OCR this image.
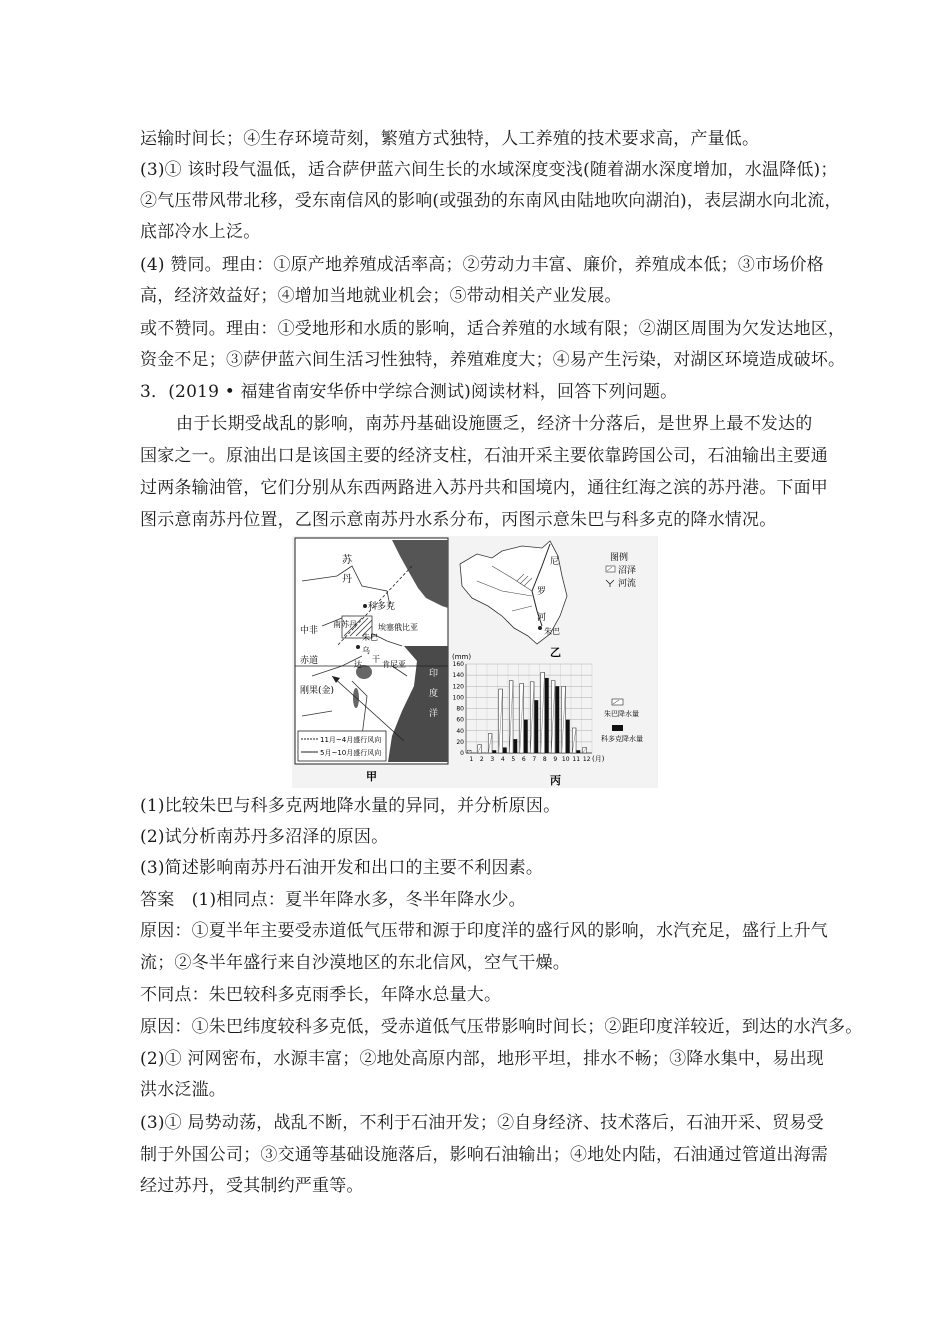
运输时间长；④生存环境苛刻，繁殖方式独特，人工养殖的技术要求高，产量低。
(3)① 该时段气温低，适合萨伊蓝六间生长的水域深度变浅(随着湖水深度增加，水温降低)；
②气压带风带北移，受东南信风的影响(或强劲的东南风由陆地吹向湖泊)，表层湖水向北流，
底部冷水上泛。
(4) 赞同。理由：①原产地养殖成活率高；②劳动力丰富、廉价，养殖成本低；③市场价格
高，经济效益好；④增加当地就业机会；⑤带动相关产业发展。
或不赞同。理由：①受地形和水质的影响，适合养殖的水域有限；②湖区周围为欠发达地区，
资金不足；③萨伊蓝六间生活习性独特，养殖难度大；④易产生污染，对湖区环境造成破坏。
3．(2019 • 福建省南安华侨中学综合测试)阅读材料，回答下列问题。
由于长期受战乱的影响，南苏丹基础设施匮乏，经济十分落后，是世界上最不发达的
国家之一。原油出口是该国主要的经济支柱，石油开采主要依靠跨国公司，石油输出主要通
过两条输油管，它们分别从东西两路进入苏丹共和国境内，通往红海之滨的苏丹港。下面甲
图示意南苏丹位置，乙图示意南苏丹水系分布，丙图示意朱巴与科多克的降水情况。
苏
丹
科多克
中非
南苏丹	埃塞俄比亚
朱巴
乌
干
达	肯尼亚
赤道
刚果(金)
印
度
洋
11月~4月盛行风向
5月~10月盛行风向
甲
尼
罗
河
朱巴
图例
沼泽
河流
乙
(mm)
(月)
丙
朱巴降水量
科多克降水量
0
20
40
60
80
100
120
140
160
1 2 3 4 5 6 7 8 9 10 11 12
(1)比较朱巴与科多克两地降水量的异同，并分析原因。
(2)试分析南苏丹多沼泽的原因。
(3)简述影响南苏丹石油开发和出口的主要不利因素。
答案　(1)相同点：夏半年降水多，冬半年降水少。
原因：①夏半年主要受赤道低气压带和源于印度洋的盛行风的影响，水汽充足，盛行上升气
流；②冬半年盛行来自沙漠地区的东北信风，空气干燥。
不同点：朱巴较科多克雨季长，年降水总量大。
原因：①朱巴纬度较科多克低，受赤道低气压带影响时间长；②距印度洋较近，到达的水汽多。
(2)① 河网密布，水源丰富；②地处高原内部，地形平坦，排水不畅；③降水集中，易出现
洪水泛滥。
(3)① 局势动荡，战乱不断，不利于石油开发；②自身经济、技术落后，石油开采、贸易受
制于外国公司；③交通等基础设施落后，影响石油输出；④地处内陆，石油通过管道出海需
经过苏丹，受其制约严重等。
